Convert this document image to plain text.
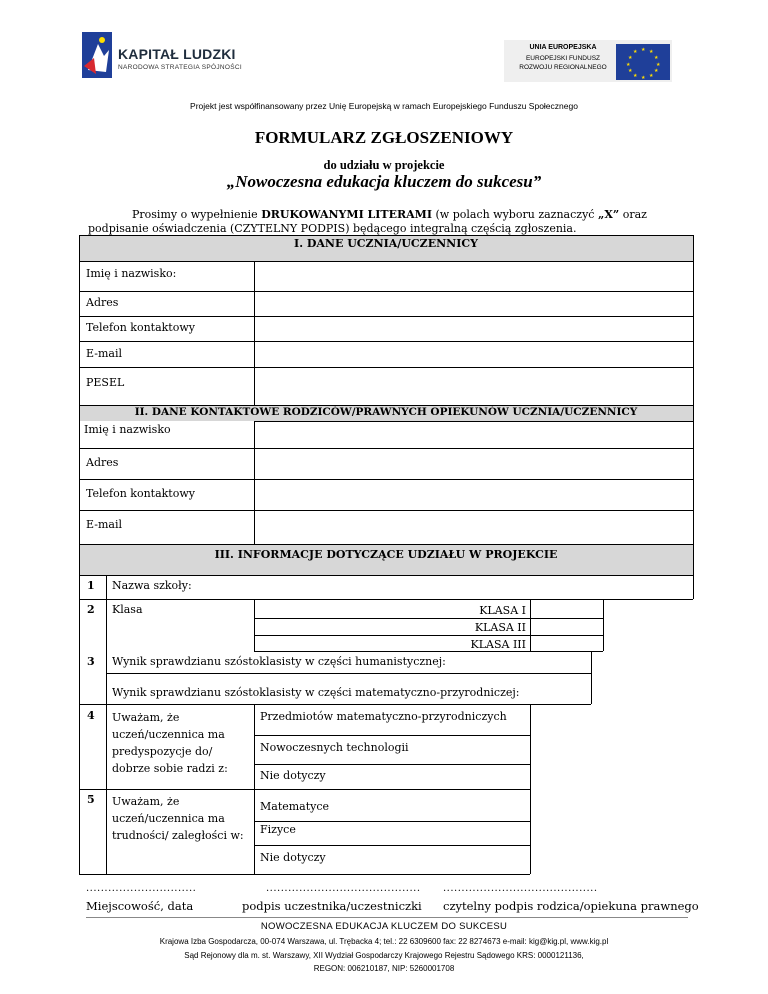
KAPITAŁ LUDZKI
NARODOWA STRATEGIA SPÓJNOŚCI
★ ★
★
★
★
★
★
★
★
★
★
★
UNIA EUROPEJSKA
EUROPEJSKI FUNDUSZ
ROZWOJU REGIONALNEGO
Projekt jest współfinansowany przez Unię Europejską w ramach Europejskiego Funduszu Społecznego
FORMULARZ ZGŁOSZENIOWY
do udziału w projekcie
„Nowoczesna edukacja kluczem do sukcesu”
Prosimy o wypełnienie DRUKOWANYMI LITERAMI (w polach wyboru zaznaczyć „X” oraz
podpisanie oświadczenia (CZYTELNY PODPIS) będącego integralną częścią zgłoszenia.
I. DANE UCZNIA/UCZENNICY
Imię i nazwisko:
Adres
Telefon kontaktowy
E-mail
PESEL
II. DANE KONTAKTOWE RODZICÓW/PRAWNYCH OPIEKUNÓW UCZNIA/UCZENNICY
Imię i nazwisko
Adres
Telefon kontaktowy
E-mail
III. INFORMACJE DOTYCZĄCE UDZIAŁU W PROJEKCIE
1 Nazwa szkoły:
2 Klasa	KLASA I
KLASA II
KLASA III
3 Wynik sprawdzianu szóstoklasisty w części humanistycznej:
Wynik sprawdzianu szóstoklasisty w części matematyczno-przyrodniczej:
4 Uważam, że
uczeń/uczennica ma
predyspozycje do/
dobrze sobie radzi z:
Przedmiotów matematyczno-przyrodniczych
Nowoczesnych technologii
Nie dotyczy
5 Uważam, że
uczeń/uczennica ma
trudności/ zaległości w:
Matematyce
Fizyce
Nie dotyczy
..............................
Miejscowość, data
..........................................
podpis uczestnika/uczestniczki
..........................................
czytelny podpis rodzica/opiekuna prawnego
NOWOCZESNA EDUKACJA KLUCZEM DO SUKCESU
Krajowa Izba Gospodarcza, 00-074 Warszawa, ul. Trębacka 4; tel.: 22 6309600 fax: 22 8274673 e-mail: kig@kig.pl, www.kig.pl
Sąd Rejonowy dla m. st. Warszawy, XII Wydział Gospodarczy Krajowego Rejestru Sądowego KRS: 0000121136,
REGON: 006210187, NIP: 5260001708
